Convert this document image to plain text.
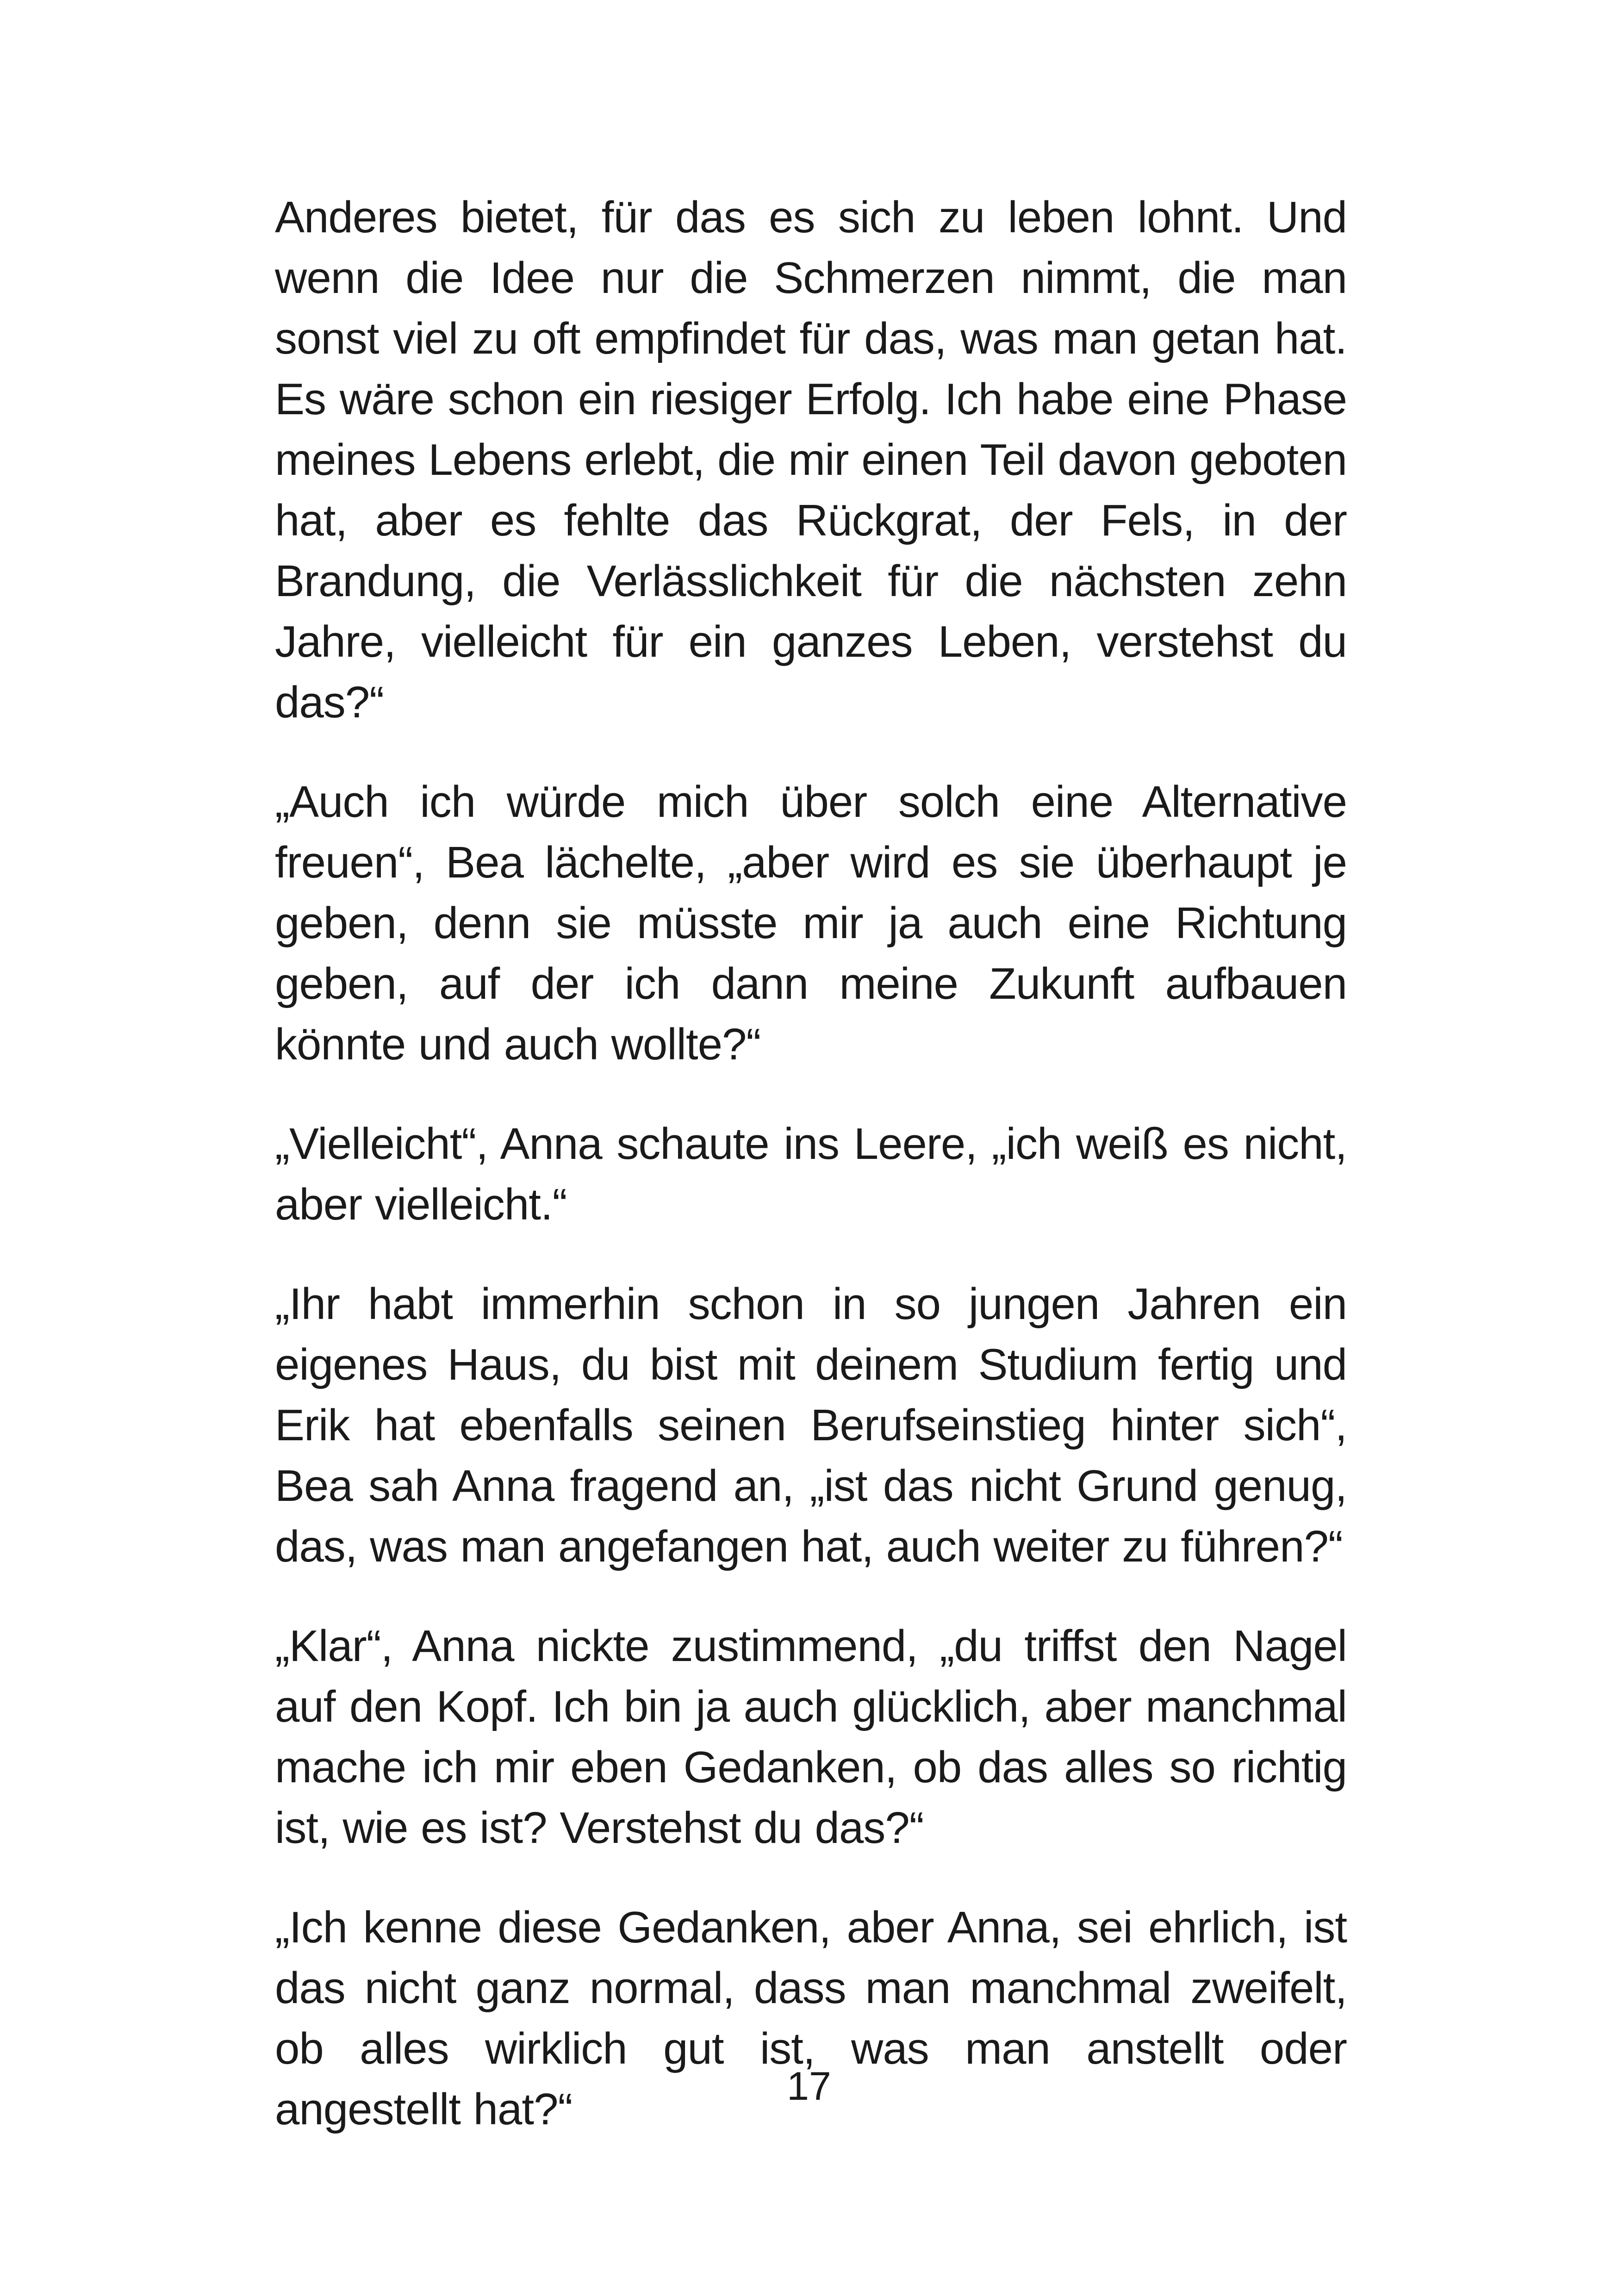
Anderes bietet, für das es sich zu leben lohnt. Und wenn die Idee nur die Schmerzen nimmt, die man sonst viel zu oft empfindet für das, was man getan hat. Es wäre schon ein riesiger Erfolg. Ich habe eine Phase meines Lebens erlebt, die mir einen Teil davon geboten hat, aber es fehlte das Rückgrat, der Fels, in der Brandung, die Verlässlichkeit für die nächsten zehn Jahre, vielleicht für ein ganzes Leben, verstehst du das?“

„Auch ich würde mich über solch eine Alternative freuen“, Bea lächelte, „aber wird es sie überhaupt je geben, denn sie müsste mir ja auch eine Richtung geben, auf der ich dann meine Zukunft aufbauen könnte und auch wollte?“

„Vielleicht“, Anna schaute ins Leere, „ich weiß es nicht, aber vielleicht.“

„Ihr habt immerhin schon in so jungen Jahren ein eigenes Haus, du bist mit deinem Studium fertig und Erik hat ebenfalls seinen Berufseinstieg hinter sich“, Bea sah Anna fragend an, „ist das nicht Grund genug, das, was man angefangen hat, auch weiter zu führen?“

„Klar“, Anna nickte zustimmend, „du triffst den Nagel auf den Kopf. Ich bin ja auch glücklich, aber manchmal mache ich mir eben Gedanken, ob das alles so richtig ist, wie es ist? Verstehst du das?“

„Ich kenne diese Gedanken, aber Anna, sei ehrlich, ist das nicht ganz normal, dass man manchmal zweifelt, ob alles wirklich gut ist, was man anstellt oder angestellt hat?“	17
